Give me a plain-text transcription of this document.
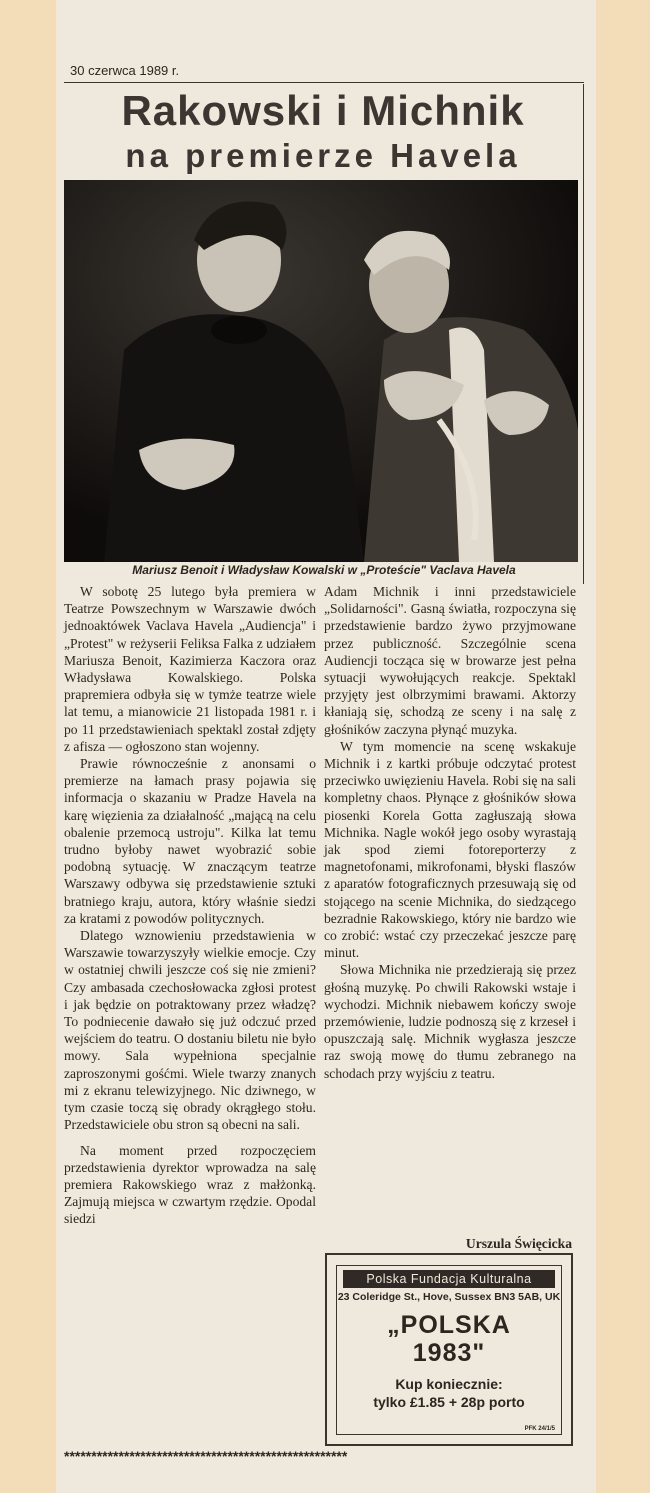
30 czerwca 1989 r.
Rakowski i Michnik
na premierze Havela
Mariusz Benoit i Władysław Kowalski w „Proteście" Vaclava Havela

W sobotę 25 lutego była premiera w Teatrze Powszechnym w Warszawie dwóch jednoaktówek Vaclava Havela „Audiencja" i „Protest" w reżyserii Feliksa Falka z udziałem Mariusza Benoit, Kazimierza Kaczora oraz Władysława Kowalskiego. Polska prapremiera odbyła się w tymże teatrze wiele lat temu, a mianowicie 21 listopada 1981 r. i po 11 przedstawieniach spektakl został zdjęty z afisza — ogłoszono stan wojenny.

Prawie równocześnie z anonsami o premierze na łamach prasy pojawia się informacja o skazaniu w Pradze Havela na karę więzienia za działalność „mającą na celu obalenie przemocą ustroju". Kilka lat temu trudno byłoby nawet wyobrazić sobie podobną sytuację. W znaczącym teatrze Warszawy odbywa się przedstawienie sztuki bratniego kraju, autora, który właśnie siedzi za kratami z powodów politycznych.

Dlatego wznowieniu przedstawienia w Warszawie towarzyszyły wielkie emocje. Czy w ostatniej chwili jeszcze coś się nie zmieni? Czy ambasada czechosłowacka zgłosi protest i jak będzie on potraktowany przez władzę? To podniecenie dawało się już odczuć przed wejściem do teatru. O dostaniu biletu nie było mowy. Sala wypełniona specjalnie zaproszonymi gośćmi. Wiele twarzy znanych mi z ekranu telewizyjnego. Nic dziwnego, w tym czasie toczą się obrady okrągłego stołu. Przedstawiciele obu stron są obecni na sali.

Na moment przed rozpoczęciem przedstawienia dyrektor wprowadza na salę premiera Rakowskiego wraz z małżonką. Zajmują miejsca w czwartym rzędzie. Opodal siedzi

Adam Michnik i inni przedstawiciele „Solidarności". Gasną światła, rozpoczyna się przedstawienie bardzo żywo przyjmowane przez publiczność. Szczególnie scena Audiencji tocząca się w browarze jest pełna sytuacji wywołujących reakcje. Spektakl przyjęty jest olbrzymimi brawami. Aktorzy kłaniają się, schodzą ze sceny i na salę z głośników zaczyna płynąć muzyka.

W tym momencie na scenę wskakuje Michnik i z kartki próbuje odczytać protest przeciwko uwięzieniu Havela. Robi się na sali kompletny chaos. Płynące z głośników słowa piosenki Korela Gotta zagłuszają słowa Michnika. Nagle wokół jego osoby wyrastają jak spod ziemi fotoreporterzy z magnetofonami, mikrofonami, błyski flaszów z aparatów fotograficznych przesuwają się od stojącego na scenie Michnika, do siedzącego bezradnie Rakowskiego, który nie bardzo wie co zrobić: wstać czy przeczekać jeszcze parę minut.

Słowa Michnika nie przedzierają się przez głośną muzykę. Po chwili Rakowski wstaje i wychodzi. Michnik niebawem kończy swoje przemówienie, ludzie podnoszą się z krzeseł i opuszczają salę. Michnik wygłasza jeszcze raz swoją mowę do tłumu zebranego na schodach przy wyjściu z teatru.

Urszula Święcicka
Polska Fundacja Kulturalna
23 Coleridge St., Hove, Sussex BN3 5AB, UK
„POLSKA
1983"
Kup koniecznie:
tylko £1.85 + 28p porto
PFK 24/1/5
****************************************************
